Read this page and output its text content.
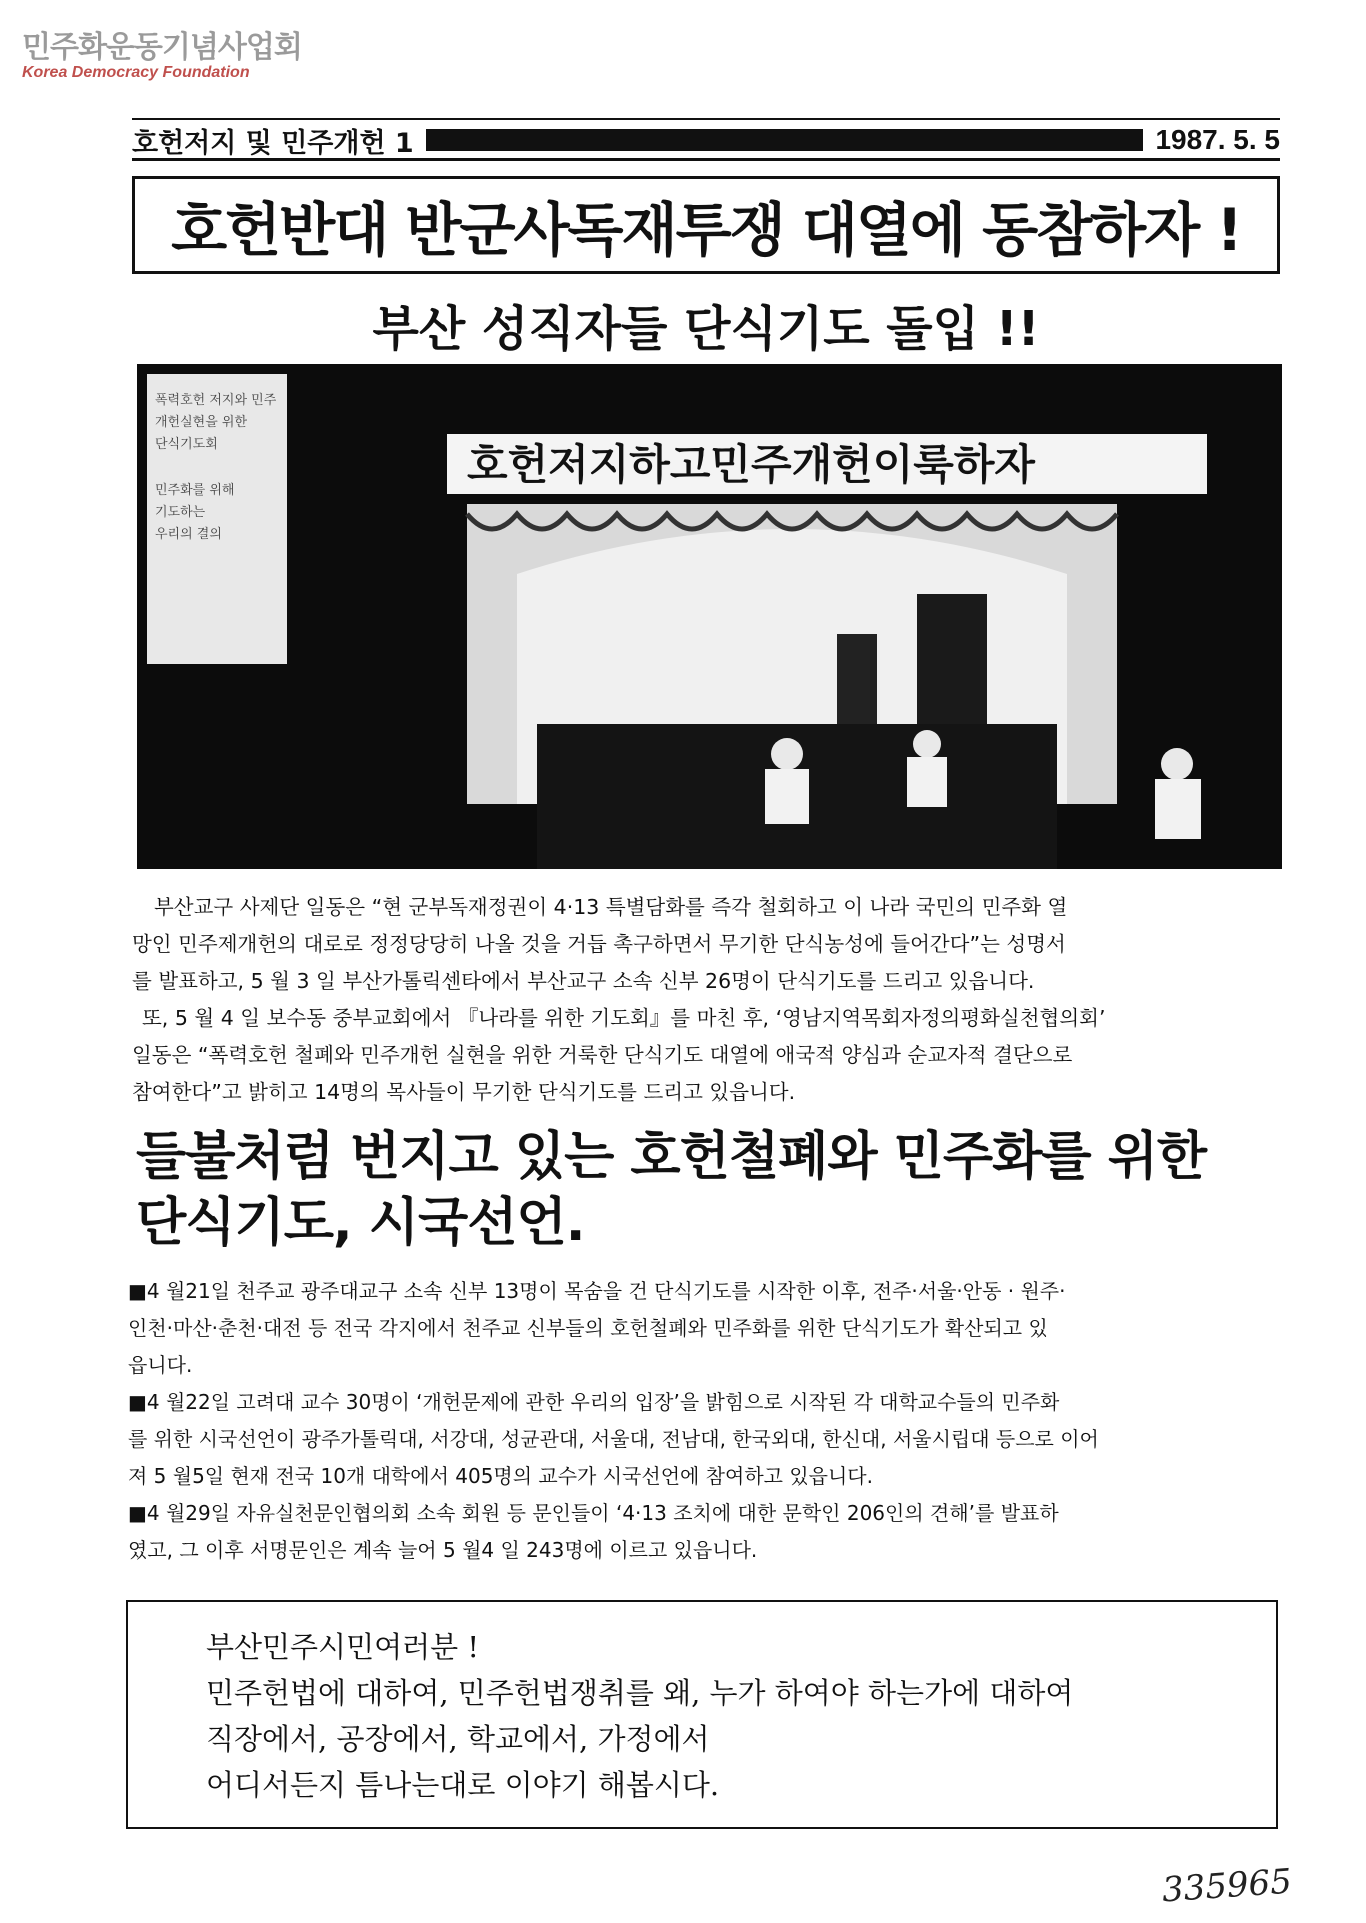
민주화운동기념사업회
Korea Democracy Foundation
호헌저지 및 민주개헌 1	1987. 5. 5
호헌반대 반군사독재투쟁 대열에 동참하자 !
부산 성직자들 단식기도 돌입 !!
호헌저지하고민주개헌이룩하자
폭력호헌 저지와 민주 개헌실현을 위한 단식기도회 민주화를 위해 기도하는 우리의 결의
부산교구 사제단 일동은 “현 군부독재정권이 4·13 특별담화를 즉각 철회하고 이 나라 국민의 민주화 열
망인 민주제개헌의 대로로 정정당당히 나올 것을 거듭 촉구하면서 무기한 단식농성에 들어간다”는 성명서
를 발표하고, 5 월 3 일 부산가톨릭센타에서 부산교구 소속 신부 26명이 단식기도를 드리고 있읍니다.
또, 5 월 4 일 보수동 중부교회에서 『나라를 위한 기도회』를 마친 후, ‘영남지역목회자정의평화실천협의회’
일동은 “폭력호헌 철폐와 민주개헌 실현을 위한 거룩한 단식기도 대열에 애국적 양심과 순교자적 결단으로
참여한다”고 밝히고 14명의 목사들이 무기한 단식기도를 드리고 있읍니다.
들불처럼 번지고 있는 호헌철폐와 민주화를 위한
단식기도, 시국선언.
■4 월21일 천주교 광주대교구 소속 신부 13명이 목숨을 건 단식기도를 시작한 이후, 전주·서울·안동 · 원주·
인천·마산·춘천·대전 등 전국 각지에서 천주교 신부들의 호헌철폐와 민주화를 위한 단식기도가 확산되고 있
읍니다.
■4 월22일 고려대 교수 30명이 ‘개헌문제에 관한 우리의 입장’을 밝힘으로 시작된 각 대학교수들의 민주화
를 위한 시국선언이 광주가톨릭대, 서강대, 성균관대, 서울대, 전남대, 한국외대, 한신대, 서울시립대 등으로 이어
져 5 월5일 현재 전국 10개 대학에서 405명의 교수가 시국선언에 참여하고 있읍니다.
■4 월29일 자유실천문인협의회 소속 회원 등 문인들이 ‘4·13 조치에 대한 문학인 206인의 견해’를 발표하
였고, 그 이후 서명문인은 계속 늘어 5 월4 일 243명에 이르고 있읍니다.
부산민주시민여러분 !
민주헌법에 대하여, 민주헌법쟁취를 왜, 누가 하여야 하는가에 대하여
직장에서, 공장에서, 학교에서, 가정에서
어디서든지 틈나는대로 이야기 해봅시다.
335965
